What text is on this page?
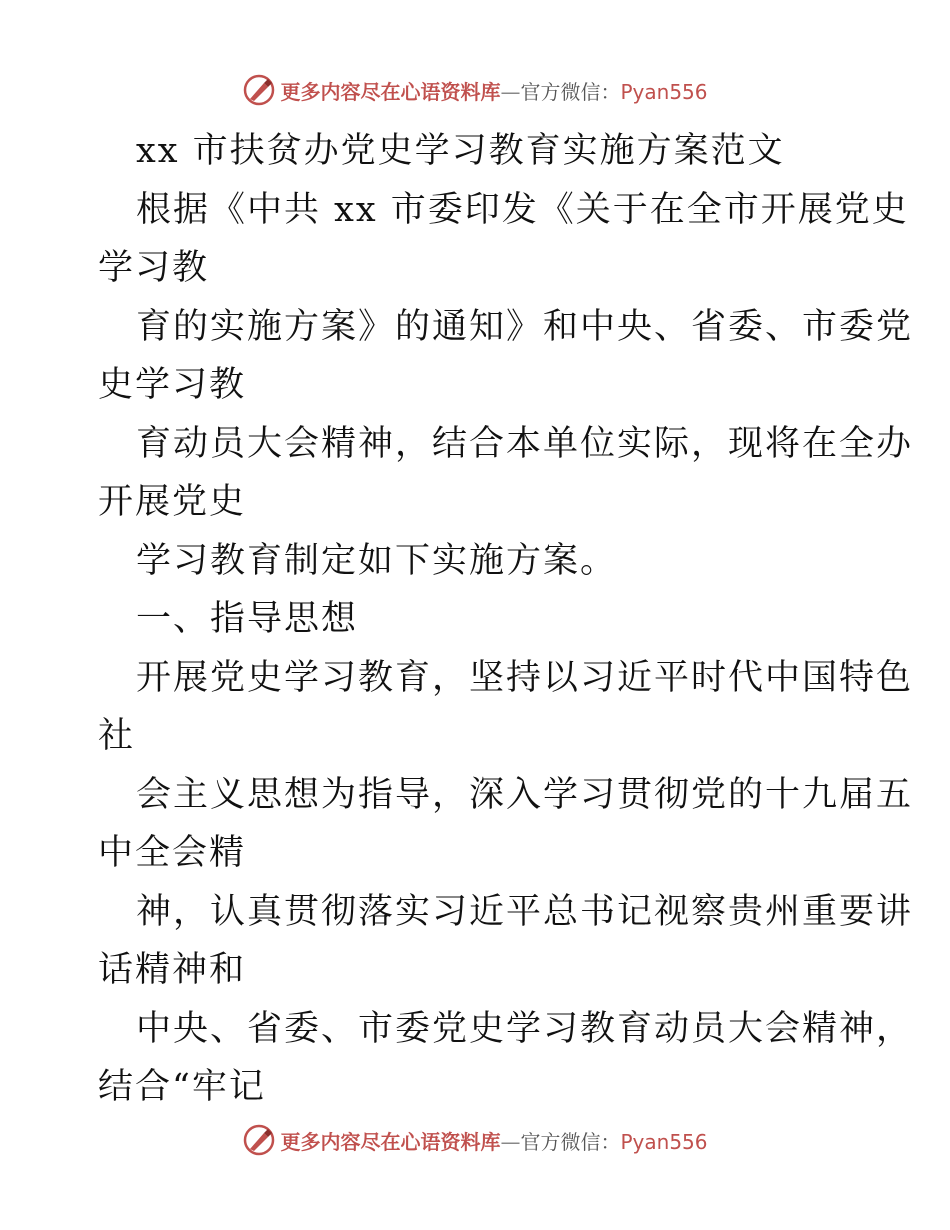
更多内容尽在心语资料库—官方微信：Pyan556
xx 市扶贫办党史学习教育实施方案范文
根据《中共 xx 市委印发《关于在全市开展党史
学习教
育的实施方案》的通知》和中央、省委、市委党
史学习教
育动员大会精神，结合本单位实际，现将在全办
开展党史
学习教育制定如下实施方案。
一、指导思想
开展党史学习教育，坚持以习近平时代中国特色
社
会主义思想为指导，深入学习贯彻党的十九届五
中全会精
神，认真贯彻落实习近平总书记视察贵州重要讲
话精神和
中央、省委、市委党史学习教育动员大会精神，
结合“牢记
更多内容尽在心语资料库—官方微信：Pyan556
